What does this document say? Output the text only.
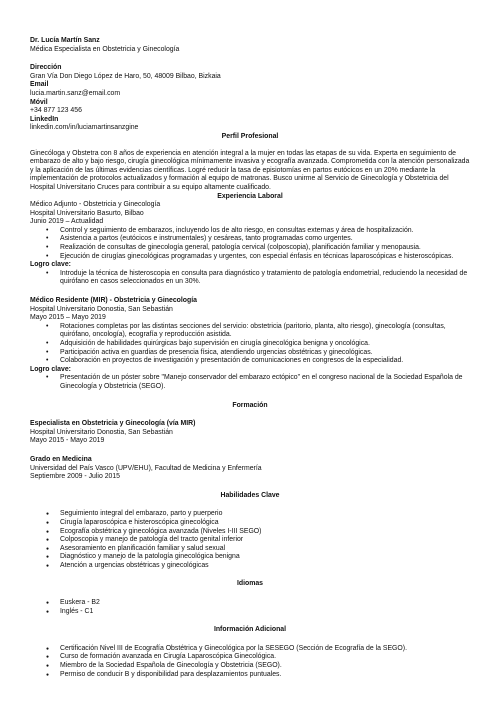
Dr. Lucía Martín Sanz

Médica Especialista en Obstetricia y Ginecología

Dirección

Gran Vía Don Diego López de Haro, 50, 48009 Bilbao, Bizkaia

Email

lucia.martin.sanz@email.com

Móvil

+34 877 123 456

LinkedIn

linkedin.com/in/luciamartinsanzgine

Perfil Profesional

Ginecóloga y Obstetra con 8 años de experiencia en atención integral a la mujer en todas las etapas de su vida. Experta en seguimiento de embarazo de alto y bajo riesgo, cirugía ginecológica mínimamente invasiva y ecografía avanzada. Comprometida con la atención personalizada y la aplicación de las últimas evidencias científicas. Logré reducir la tasa de episiotomías en partos eutócicos en un 20% mediante la implementación de protocolos actualizados y formación al equipo de matronas. Busco unirme al Servicio de Ginecología y Obstetricia del Hospital Universitario Cruces para contribuir a su equipo altamente cualificado.

Experiencia Laboral

Médico Adjunto - Obstetricia y Ginecología

Hospital Universitario Basurto, Bilbao

Junio 2019 – Actualidad

• Control y seguimiento de embarazos, incluyendo los de alto riesgo, en consultas externas y área de hospitalización.
• Asistencia a partos (eutócicos e instrumentales) y cesáreas, tanto programadas como urgentes.
• Realización de consultas de ginecología general, patología cervical (colposcopia), planificación familiar y menopausia.
• Ejecución de cirugías ginecológicas programadas y urgentes, con especial énfasis en técnicas laparoscópicas e histeroscópicas.

Logro clave:

• Introduje la técnica de histeroscopia en consulta para diagnóstico y tratamiento de patología endometrial, reduciendo la necesidad de quirófano en casos seleccionados en un 30%.

Médico Residente (MIR) - Obstetricia y Ginecología

Hospital Universitario Donostia, San Sebastián

Mayo 2015 – Mayo 2019

• Rotaciones completas por las distintas secciones del servicio: obstetricia (paritorio, planta, alto riesgo), ginecología (consultas, quirófano, oncología), ecografía y reproducción asistida.
• Adquisición de habilidades quirúrgicas bajo supervisión en cirugía ginecológica benigna y oncológica.
• Participación activa en guardias de presencia física, atendiendo urgencias obstétricas y ginecológicas.
• Colaboración en proyectos de investigación y presentación de comunicaciones en congresos de la especialidad.

Logro clave:

• Presentación de un póster sobre "Manejo conservador del embarazo ectópico" en el congreso nacional de la Sociedad Española de Ginecología y Obstetricia (SEGO).

Formación

Especialista en Obstetricia y Ginecología (vía MIR)

Hospital Universitario Donostia, San Sebastián

Mayo 2015 - Mayo 2019

Grado en Medicina

Universidad del País Vasco (UPV/EHU), Facultad de Medicina y Enfermería

Septiembre 2009 - Julio 2015

Habilidades Clave

● Seguimiento integral del embarazo, parto y puerperio
● Cirugía laparoscópica e histeroscópica ginecológica
● Ecografía obstétrica y ginecológica avanzada (Niveles I-III SEGO)
● Colposcopia y manejo de patología del tracto genital inferior
● Asesoramiento en planificación familiar y salud sexual
● Diagnóstico y manejo de la patología ginecológica benigna
● Atención a urgencias obstétricas y ginecológicas

Idiomas

● Euskera - B2
● Inglés - C1

Información Adicional

● Certificación Nivel III de Ecografía Obstétrica y Ginecológica por la SESEGO (Sección de Ecografía de la SEGO).
● Curso de formación avanzada en Cirugía Laparoscópica Ginecológica.
● Miembro de la Sociedad Española de Ginecología y Obstetricia (SEGO).
● Permiso de conducir B y disponibilidad para desplazamientos puntuales.
